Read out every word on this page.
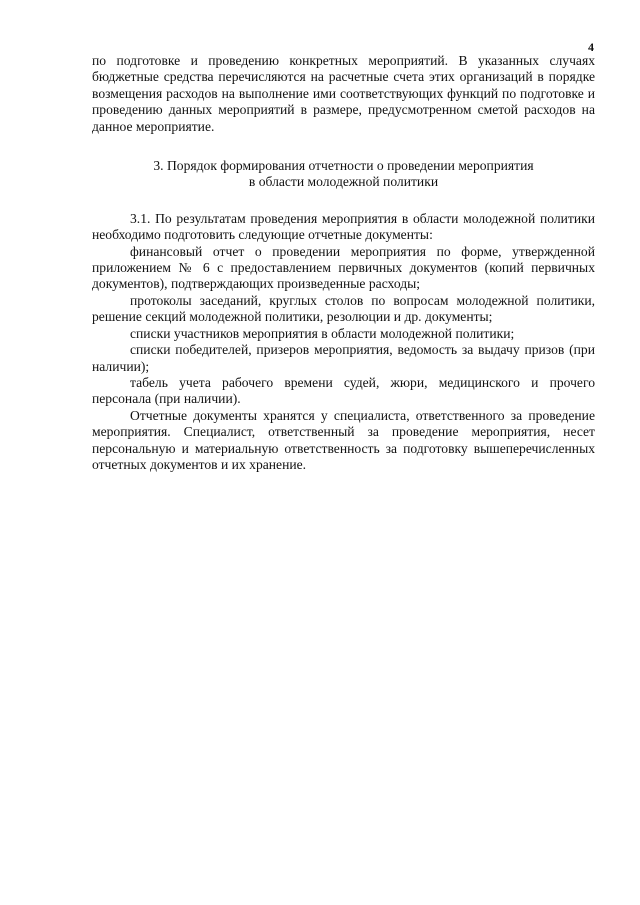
4

по подготовке и проведению конкретных мероприятий. В указанных случаях бюджетные средства перечисляются на расчетные счета этих организаций в порядке возмещения расходов на выполнение ими соответствующих функций по подготовке и проведению данных мероприятий в размере, предусмотренном сметой расходов на данное мероприятие.

3. Порядок формирования отчетности о проведении мероприятия
в области молодежной политики

3.1. По результатам проведения мероприятия в области молодежной политики необходимо подготовить следующие отчетные документы:

финансовый отчет о проведении мероприятия по форме, утвержденной приложением № 6 с предоставлением первичных документов (копий первичных документов), подтверждающих произведенные расходы;

протоколы заседаний, круглых столов по вопросам молодежной политики, решение секций молодежной политики, резолюции и др. документы;

списки участников мероприятия в области молодежной политики;

списки победителей, призеров мероприятия, ведомость за выдачу призов (при наличии);

табель учета рабочего времени судей, жюри, медицинского и прочего персонала (при наличии).

Отчетные документы хранятся у специалиста, ответственного за проведение мероприятия. Специалист, ответственный за проведение мероприятия, несет персональную и материальную ответственность за подготовку вышеперечисленных отчетных документов и их хранение.
